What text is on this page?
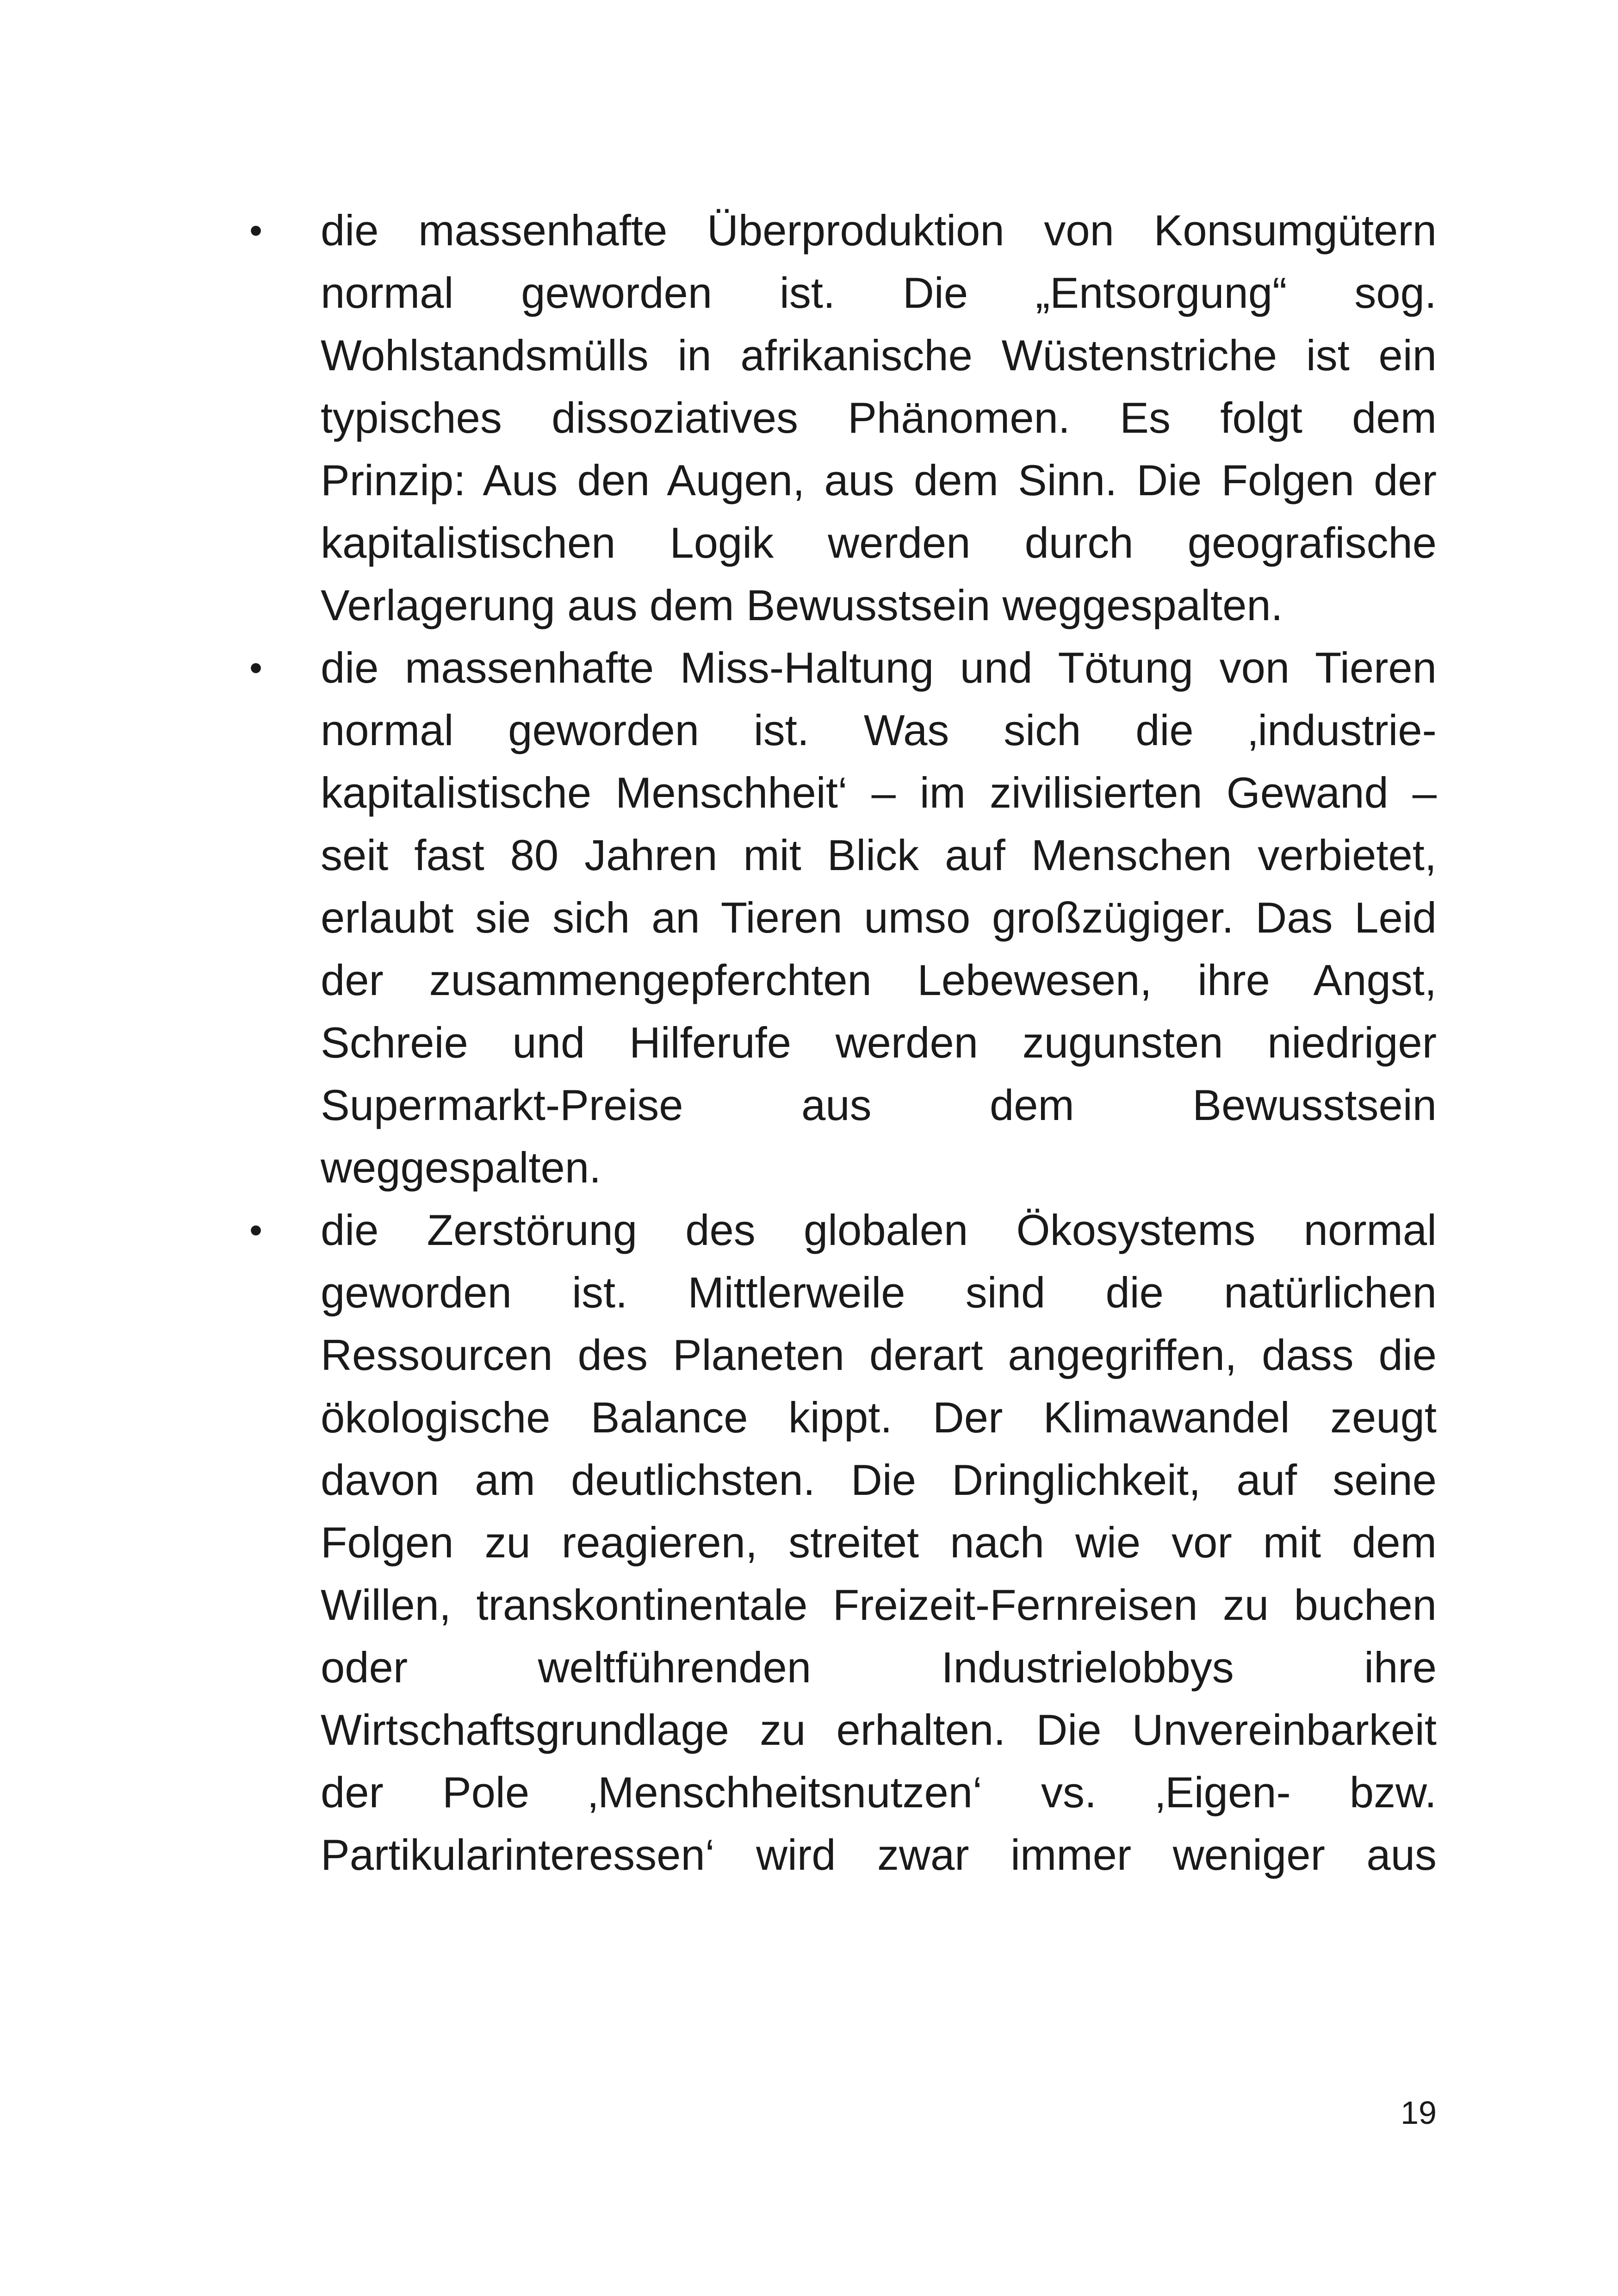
• die massenhafte Überproduktion von Konsumgütern
normal geworden ist. Die „Entsorgung“ sog.
Wohlstandsmülls in afrikanische Wüstenstriche ist ein
typisches dissoziatives Phänomen. Es folgt dem
Prinzip: Aus den Augen, aus dem Sinn. Die Folgen der
kapitalistischen Logik werden durch geografische
Verlagerung aus dem Bewusstsein weggespalten.
• die massenhafte Miss-Haltung und Tötung von Tieren
normal geworden ist. Was sich die ‚industrie-
kapitalistische Menschheit‘ – im zivilisierten Gewand –
seit fast 80 Jahren mit Blick auf Menschen verbietet,
erlaubt sie sich an Tieren umso großzügiger. Das Leid
der zusammengepferchten Lebewesen, ihre Angst,
Schreie und Hilferufe werden zugunsten niedriger
Supermarkt-Preise aus dem Bewusstsein
weggespalten.
• die Zerstörung des globalen Ökosystems normal
geworden ist. Mittlerweile sind die natürlichen
Ressourcen des Planeten derart angegriffen, dass die
ökologische Balance kippt. Der Klimawandel zeugt
davon am deutlichsten. Die Dringlichkeit, auf seine
Folgen zu reagieren, streitet nach wie vor mit dem
Willen, transkontinentale Freizeit-Fernreisen zu buchen
oder weltführenden Industrielobbys ihre
Wirtschaftsgrundlage zu erhalten. Die Unvereinbarkeit
der Pole ‚Menschheitsnutzen‘ vs. ‚Eigen- bzw.
Partikularinteressen‘ wird zwar immer weniger aus
19
